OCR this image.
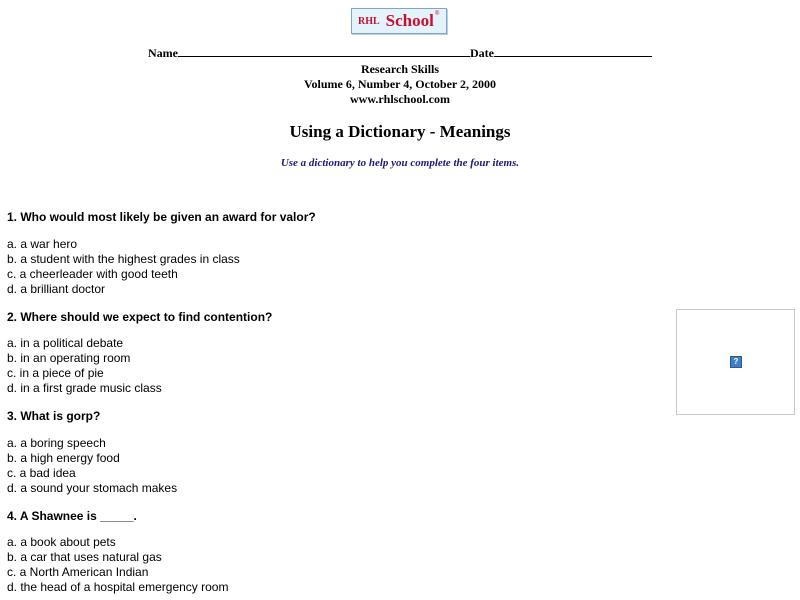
RHL School ®
Name	Date
Research Skills
Volume 6, Number 4, October 2, 2000
www.rhlschool.com
Using a Dictionary - Meanings
Use a dictionary to help you complete the four items.
1. Who would most likely be given an award for valor?
a. a war hero
b. a student with the highest grades in class
c. a cheerleader with good teeth
d. a brilliant doctor
2. Where should we expect to find contention?
a. in a political debate
b. in an operating room
c. in a piece of pie
d. in a first grade music class
3. What is gorp?
a. a boring speech
b. a high energy food
c. a bad idea
d. a sound your stomach makes
4. A Shawnee is _____.
a. a book about pets
b. a car that uses natural gas
c. a North American Indian
d. the head of a hospital emergency room
?
